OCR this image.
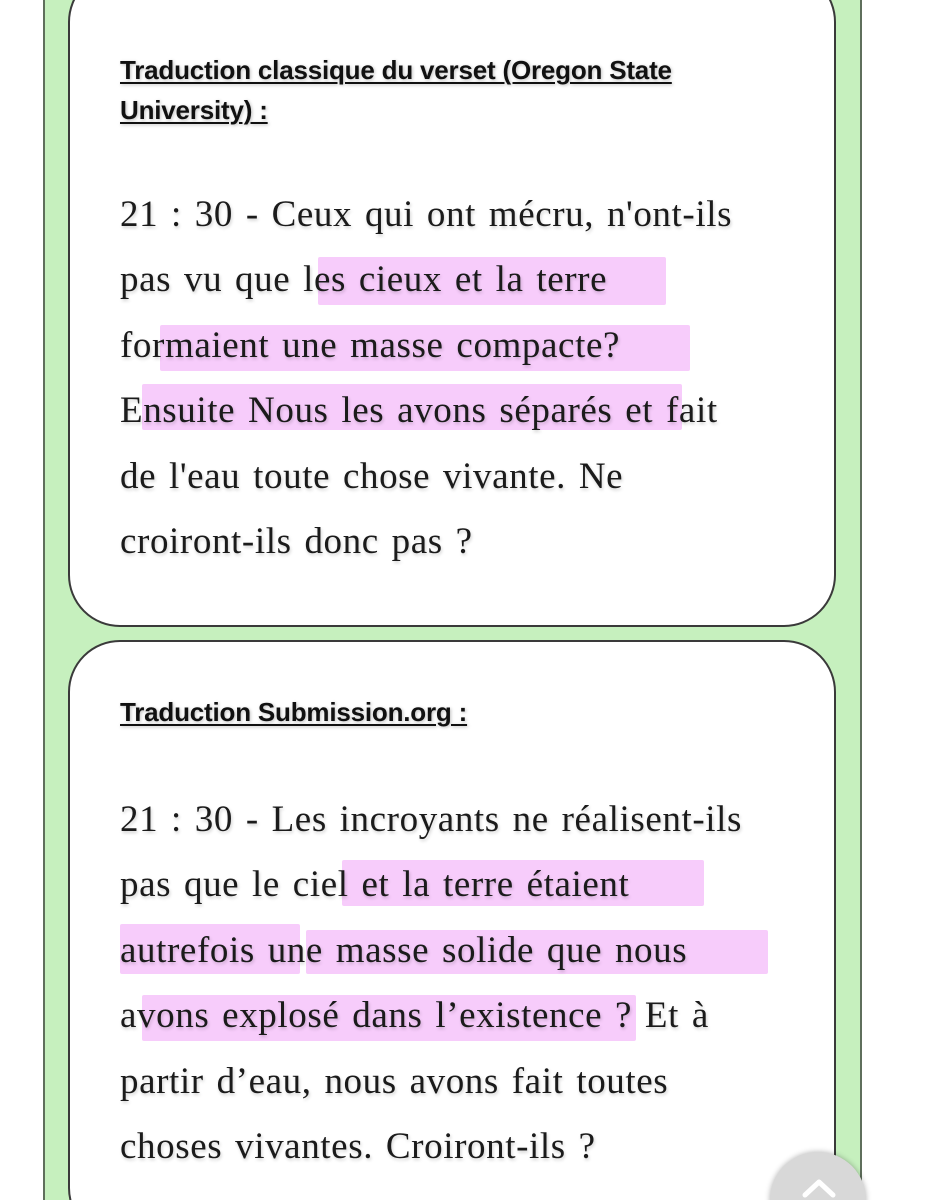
Traduction classique du verset (Oregon State University) :
21 : 30 - Ceux qui ont mécru, n'ont-ils
pas vu que les cieux et la terre
formaient une masse compacte?
Ensuite Nous les avons séparés et fait
de l'eau toute chose vivante. Ne
croiront-ils donc pas ?
Traduction Submission.org :
21 : 30 - Les incroyants ne réalisent-ils
pas que le ciel et la terre étaient
autrefois une masse solide que nous
avons explosé dans l’existence ? Et à
partir d’eau, nous avons fait toutes
choses vivantes. Croiront-ils ?
